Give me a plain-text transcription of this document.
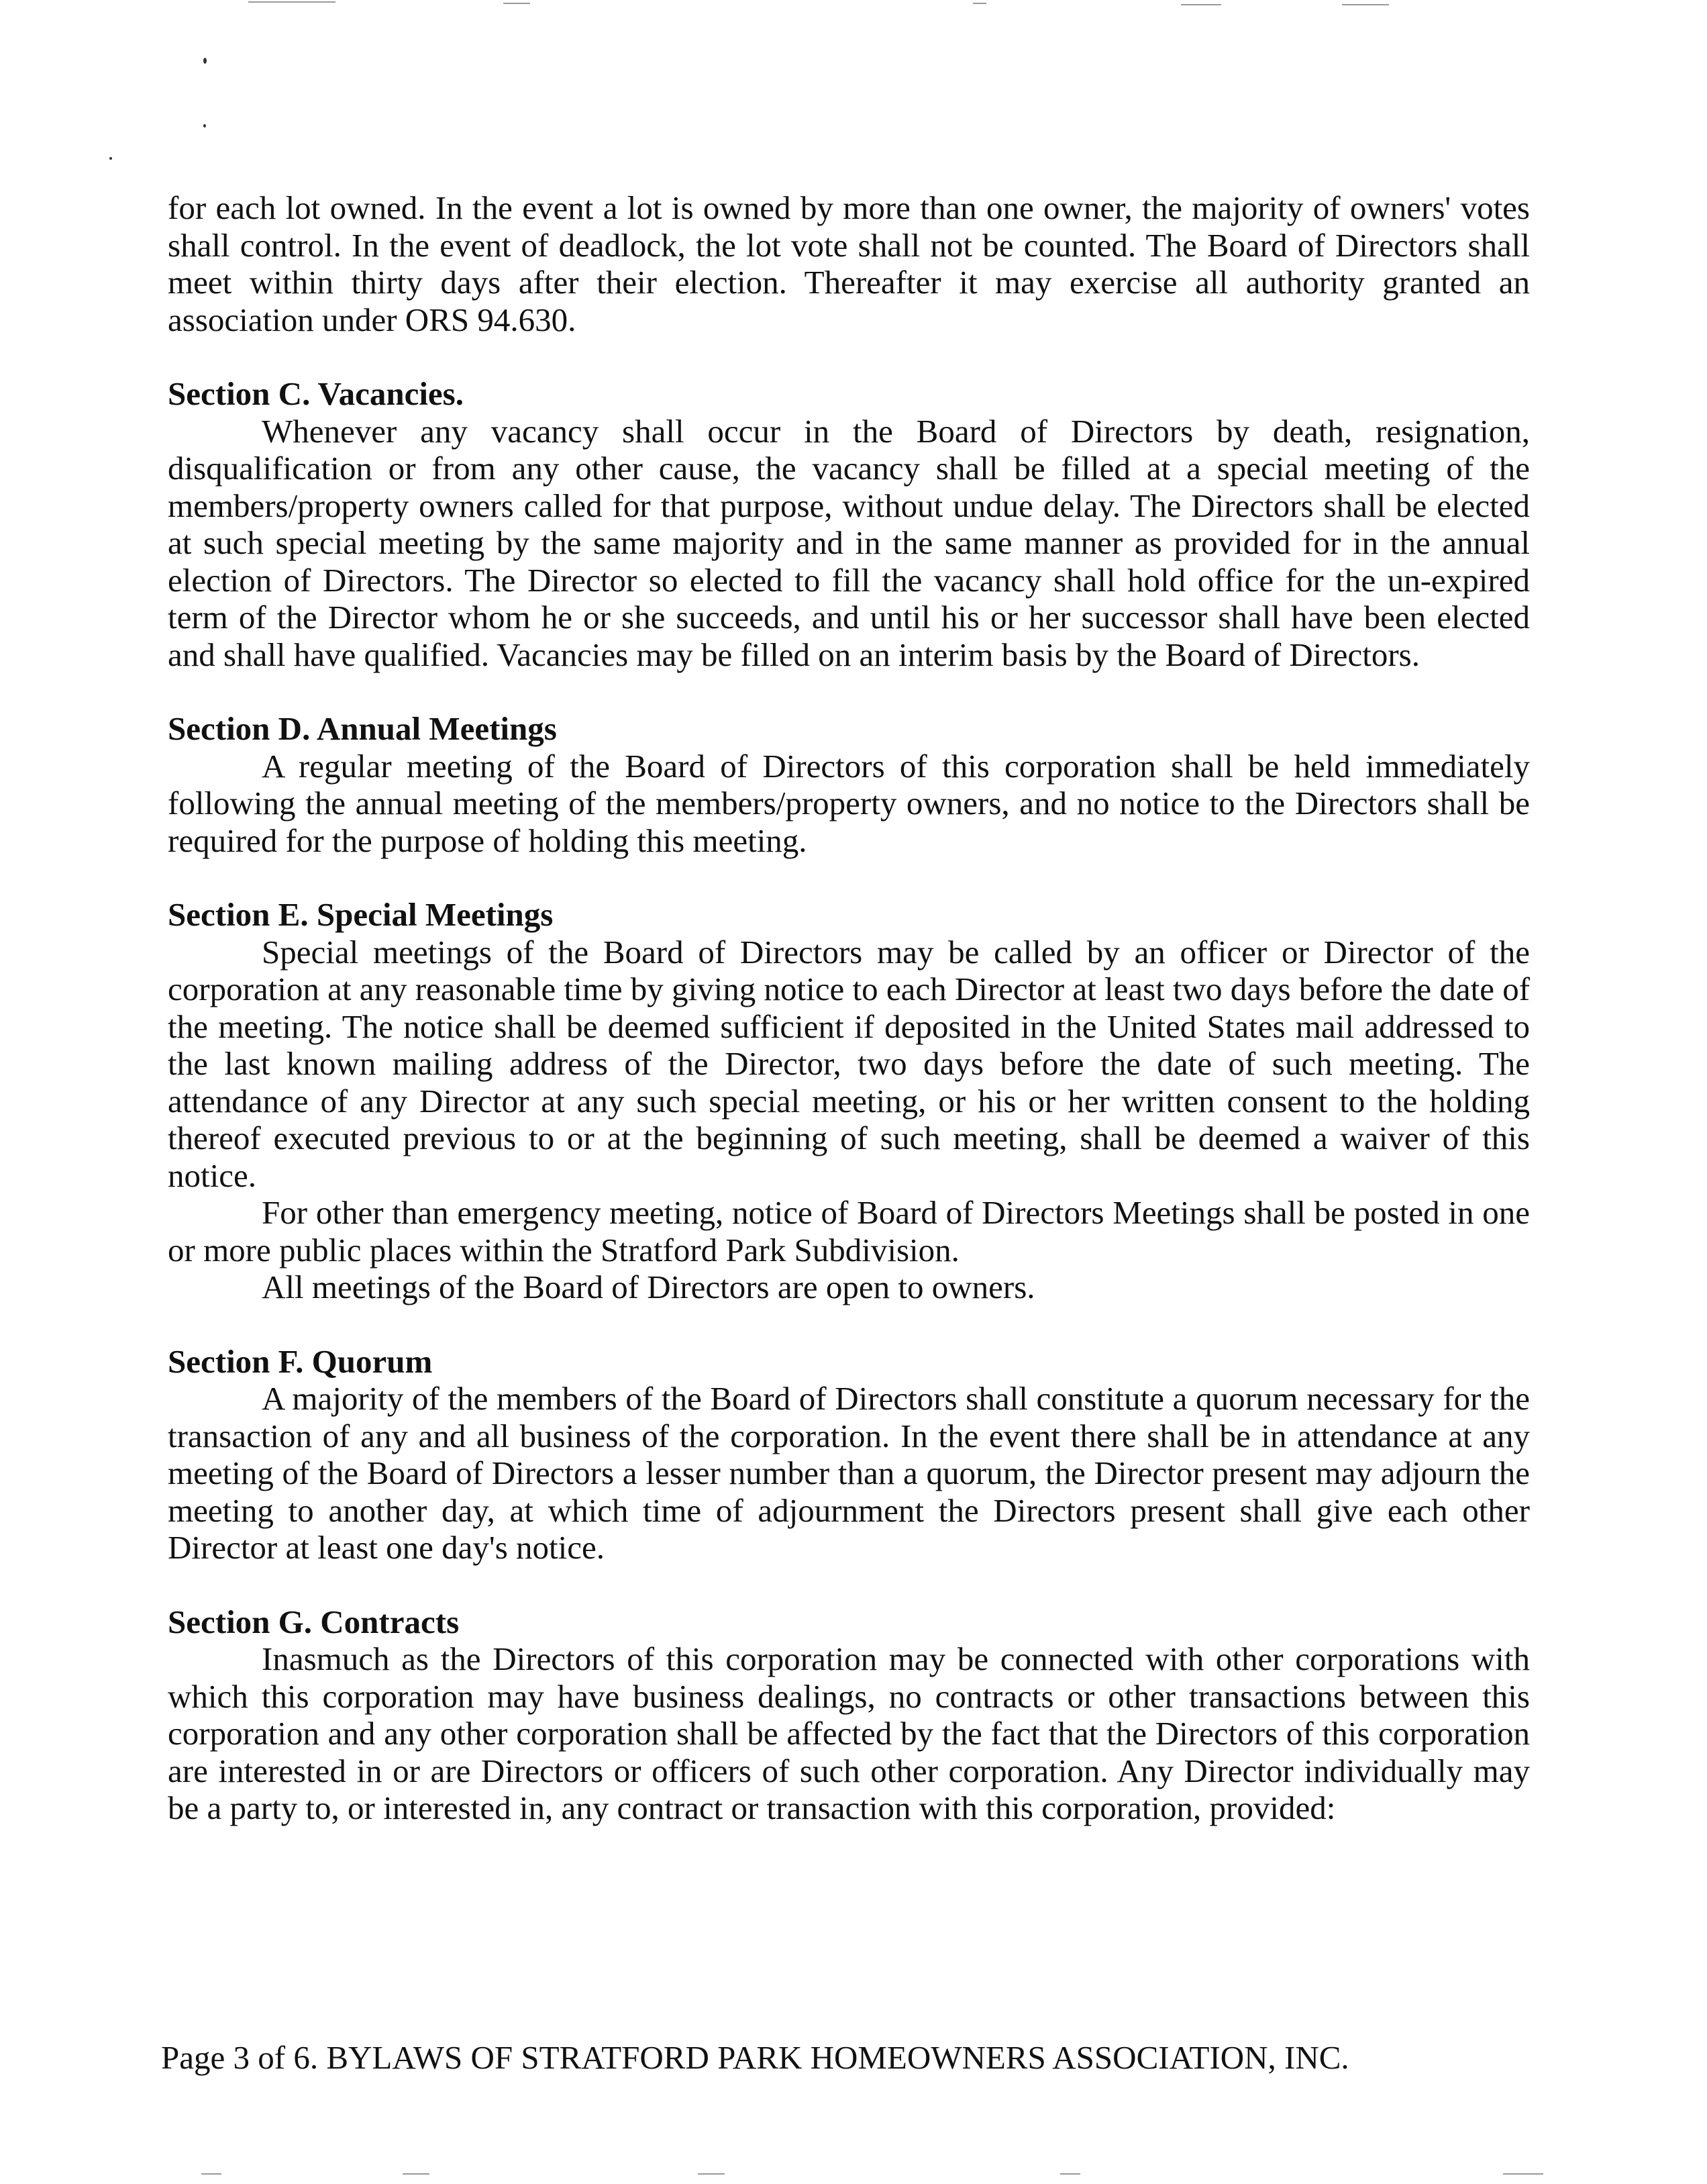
for each lot owned. In the event a lot is owned by more than one owner, the majority of owners' votes shall control. In the event of deadlock, the lot vote shall not be counted. The Board of Directors shall meet within thirty days after their election. Thereafter it may exercise all authority granted an association under ORS 94.630.

Section C. Vacancies.

Whenever any vacancy shall occur in the Board of Directors by death, resignation, disqualification or from any other cause, the vacancy shall be filled at a special meeting of the members/property owners called for that purpose, without undue delay. The Directors shall be elected at such special meeting by the same majority and in the same manner as provided for in the annual election of Directors. The Director so elected to fill the vacancy shall hold office for the un-expired term of the Director whom he or she succeeds, and until his or her successor shall have been elected and shall have qualified. Vacancies may be filled on an interim basis by the Board of Directors.

Section D. Annual Meetings

A regular meeting of the Board of Directors of this corporation shall be held immediately following the annual meeting of the members/property owners, and no notice to the Directors shall be required for the purpose of holding this meeting.

Section E. Special Meetings

Special meetings of the Board of Directors may be called by an officer or Director of the corporation at any reasonable time by giving notice to each Director at least two days before the date of the meeting. The notice shall be deemed sufficient if deposited in the United States mail addressed to the last known mailing address of the Director, two days before the date of such meeting. The attendance of any Director at any such special meeting, or his or her written consent to the holding thereof executed previous to or at the beginning of such meeting, shall be deemed a waiver of this notice.

For other than emergency meeting, notice of Board of Directors Meetings shall be posted in one or more public places within the Stratford Park Subdivision.

All meetings of the Board of Directors are open to owners.

Section F. Quorum

A majority of the members of the Board of Directors shall constitute a quorum necessary for the transaction of any and all business of the corporation. In the event there shall be in attendance at any meeting of the Board of Directors a lesser number than a quorum, the Director present may adjourn the meeting to another day, at which time of adjournment the Directors present shall give each other Director at least one day's notice.

Section G. Contracts

Inasmuch as the Directors of this corporation may be connected with other corporations with which this corporation may have business dealings, no contracts or other transactions between this corporation and any other corporation shall be affected by the fact that the Directors of this corporation are interested in or are Directors or officers of such other corporation. Any Director individually may be a party to, or interested in, any contract or transaction with this corporation, provided:

Page 3 of 6. BYLAWS OF STRATFORD PARK HOMEOWNERS ASSOCIATION, INC.
